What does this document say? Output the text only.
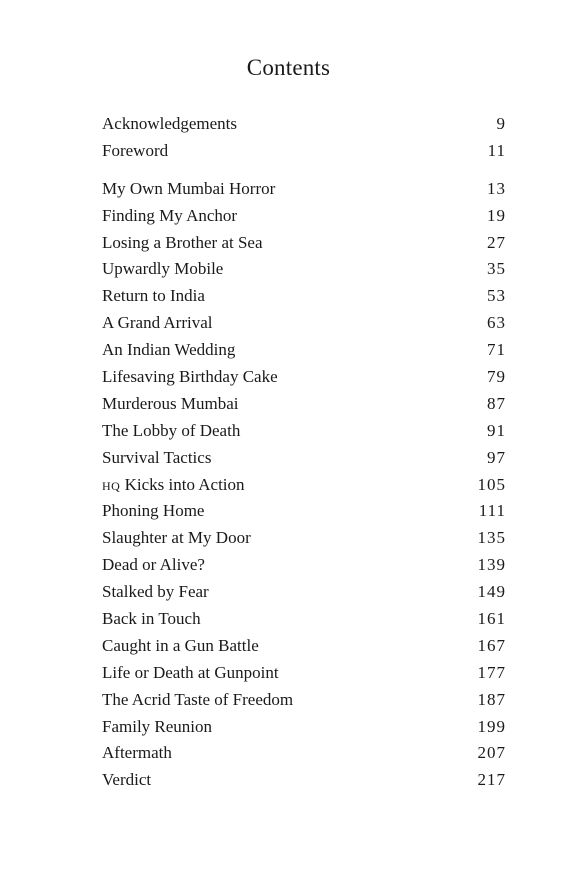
Contents
Acknowledgements	9
Foreword	11
My Own Mumbai Horror	13
Finding My Anchor	19
Losing a Brother at Sea	27
Upwardly Mobile	35
Return to India	53
A Grand Arrival	63
An Indian Wedding	71
Lifesaving Birthday Cake	79
Murderous Mumbai	87
The Lobby of Death	91
Survival Tactics	97
hq Kicks into Action	105
Phoning Home	111
Slaughter at My Door	135
Dead or Alive?	139
Stalked by Fear	149
Back in Touch	161
Caught in a Gun Battle	167
Life or Death at Gunpoint	177
The Acrid Taste of Freedom	187
Family Reunion	199
Aftermath	207
Verdict	217
